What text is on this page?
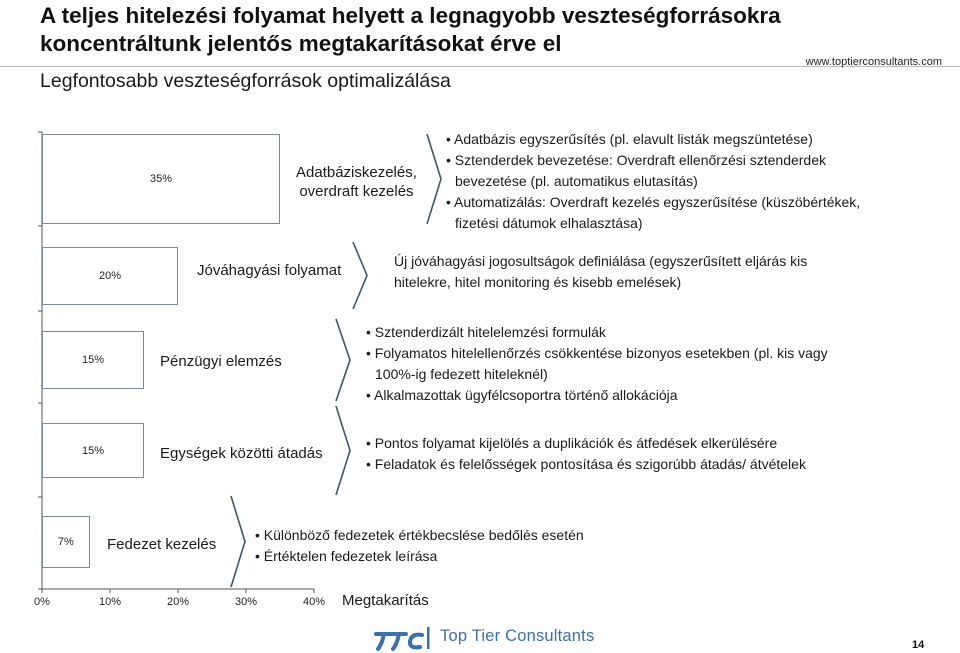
A teljes hitelezési folyamat helyett a legnagyobb veszteségforrásokra
koncentráltunk jelentős megtakarításokat érve el
www.toptierconsultants.com
Legfontosabb veszteségforrások optimalizálása
35%
20%
15%
15%
7%
Adatbáziskezelés,
overdraft kezelés
Jóváhagyási folyamat
Pénzügyi elemzés
Egységek közötti átadás
Fedezet kezelés
• Adatbázis egyszerűsítés (pl. elavult listák megszüntetése)
• Sztenderdek bevezetése: Overdraft ellenőrzési sztenderdek
bevezetése (pl. automatikus elutasítás)
• Automatizálás: Overdraft kezelés egyszerűsítése (küszöbértékek,
fizetési dátumok elhalasztása)
Új jóváhagyási jogosultságok definiálása (egyszerűsített eljárás kis
hitelekre, hitel monitoring és kisebb emelések)
• Sztenderdizált hitelelemzési formulák
• Folyamatos hitelellenőrzés csökkentése bizonyos esetekben (pl. kis vagy
100%-ig fedezett hiteleknél)
• Alkalmazottak ügyfélcsoportra történő allokációja
• Pontos folyamat kijelölés a duplikációk és átfedések elkerülésére
• Feladatok és felelősségek pontosítása és szigorúbb átadás/ átvételek
• Különböző fedezetek értékbecslése bedőlés esetén
• Értéktelen fedezetek leírása
0%	10%	20%	30%	40% Megtakarítás
Top Tier Consultants	14
